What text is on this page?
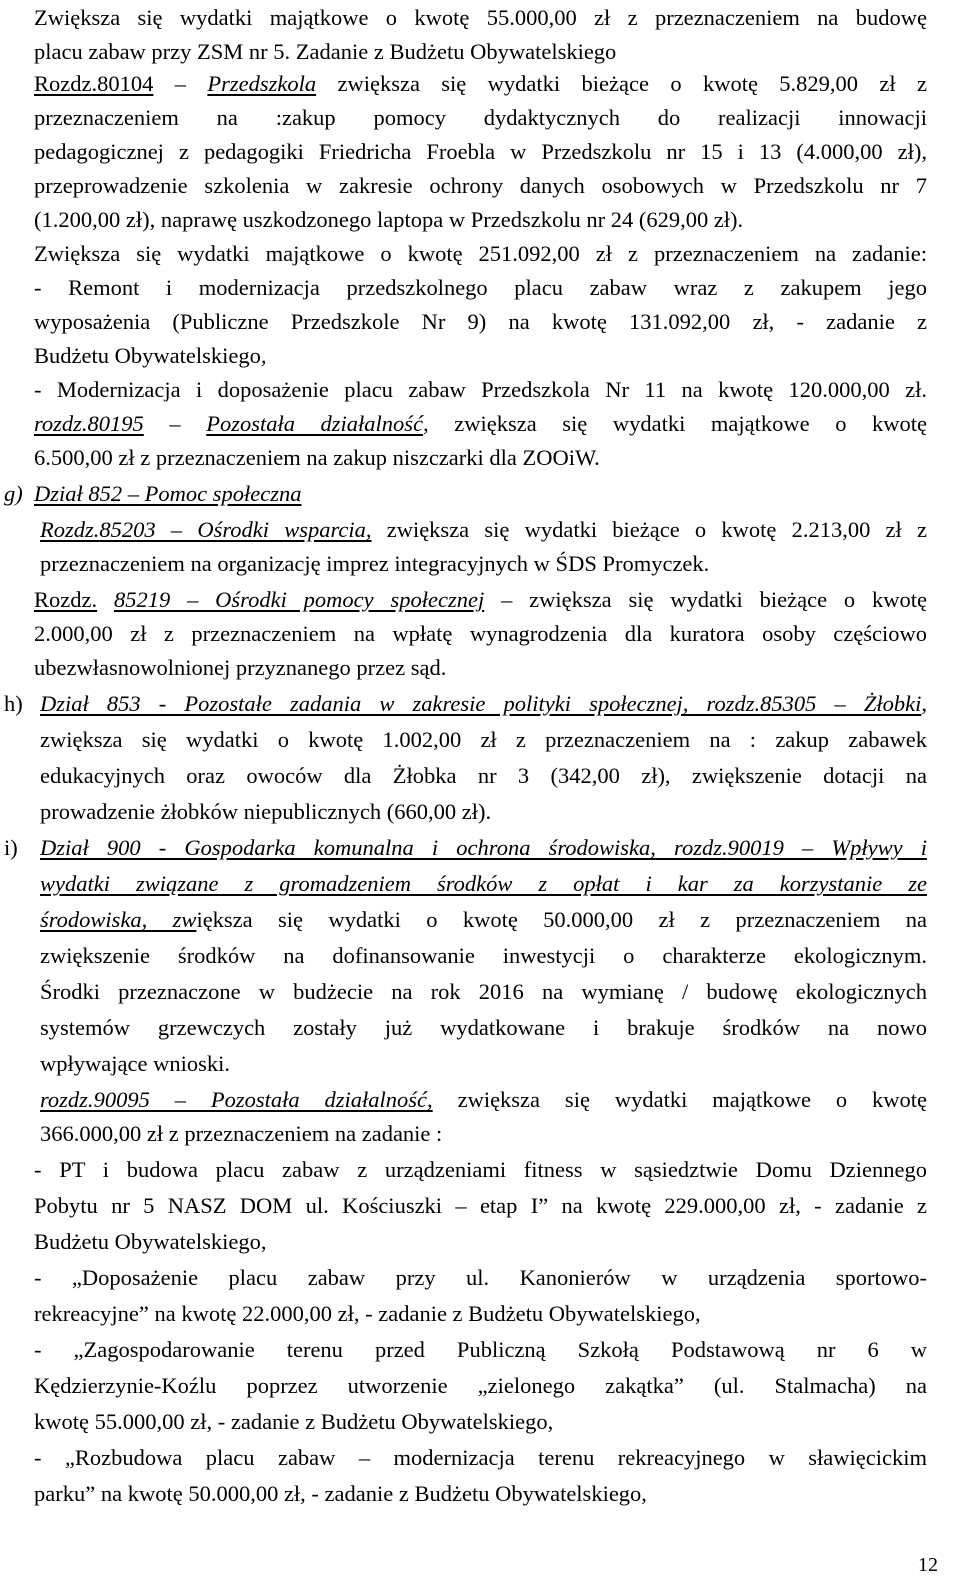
Zwiększa się wydatki majątkowe o kwotę 55.000,00 zł z przeznaczeniem na budowę
placu zabaw przy ZSM nr 5. Zadanie z Budżetu Obywatelskiego
Rozdz.80104 – Przedszkola zwiększa się wydatki bieżące o kwotę 5.829,00 zł z
przeznaczeniem na :zakup pomocy dydaktycznych do realizacji innowacji
pedagogicznej z pedagogiki Friedricha Froebla w Przedszkolu nr 15 i 13 (4.000,00 zł),
przeprowadzenie szkolenia w zakresie ochrony danych osobowych w Przedszkolu nr 7
(1.200,00 zł), naprawę uszkodzonego laptopa w Przedszkolu nr 24 (629,00 zł).
Zwiększa się wydatki majątkowe o kwotę 251.092,00 zł z przeznaczeniem na zadanie:
- Remont i modernizacja przedszkolnego placu zabaw wraz z zakupem jego
wyposażenia (Publiczne Przedszkole Nr 9) na kwotę 131.092,00 zł, - zadanie z
Budżetu Obywatelskiego,
- Modernizacja i doposażenie placu zabaw Przedszkola Nr 11 na kwotę 120.000,00 zł.
rozdz.80195 – Pozostała działalność, zwiększa się wydatki majątkowe o kwotę
6.500,00 zł z przeznaczeniem na zakup niszczarki dla ZOOiW.
g) Dział 852 – Pomoc społeczna
Rozdz.85203 – Ośrodki wsparcia, zwiększa się wydatki bieżące o kwotę 2.213,00 zł z
przeznaczeniem na organizację imprez integracyjnych w ŚDS Promyczek.
Rozdz. 85219 – Ośrodki pomocy społecznej – zwiększa się wydatki bieżące o kwotę
2.000,00 zł z przeznaczeniem na wpłatę wynagrodzenia dla kuratora osoby częściowo
ubezwłasnowolnionej przyznanego przez sąd.
h) Dział 853 - Pozostałe zadania w zakresie polityki społecznej, rozdz.85305 – Żłobki,
zwiększa się wydatki o kwotę 1.002,00 zł z przeznaczeniem na : zakup zabawek
edukacyjnych oraz owoców dla Żłobka nr 3 (342,00 zł), zwiększenie dotacji na
prowadzenie żłobków niepublicznych (660,00 zł).
i) Dział 900 - Gospodarka komunalna i ochrona środowiska, rozdz.90019 – Wpływy i
wydatki związane z gromadzeniem środków z opłat i kar za korzystanie ze
środowiska, zwiększa się wydatki o kwotę 50.000,00 zł z przeznaczeniem na
zwiększenie środków na dofinansowanie inwestycji o charakterze ekologicznym.
Środki przeznaczone w budżecie na rok 2016 na wymianę / budowę ekologicznych
systemów grzewczych zostały już wydatkowane i brakuje środków na nowo
wpływające wnioski.
rozdz.90095 – Pozostała działalność, zwiększa się wydatki majątkowe o kwotę
366.000,00 zł z przeznaczeniem na zadanie :
- PT i budowa placu zabaw z urządzeniami fitness w sąsiedztwie Domu Dziennego
Pobytu nr 5 NASZ DOM ul. Kościuszki – etap I” na kwotę 229.000,00 zł, - zadanie z
Budżetu Obywatelskiego,
- „Doposażenie placu zabaw przy ul. Kanonierów w urządzenia sportowo-
rekreacyjne” na kwotę 22.000,00 zł, - zadanie z Budżetu Obywatelskiego,
- „Zagospodarowanie terenu przed Publiczną Szkołą Podstawową nr 6 w
Kędzierzynie-Koźlu poprzez utworzenie „zielonego zakątka” (ul. Stalmacha) na
kwotę 55.000,00 zł, - zadanie z Budżetu Obywatelskiego,
- „Rozbudowa placu zabaw – modernizacja terenu rekreacyjnego w sławięcickim
parku” na kwotę 50.000,00 zł, - zadanie z Budżetu Obywatelskiego,
12
